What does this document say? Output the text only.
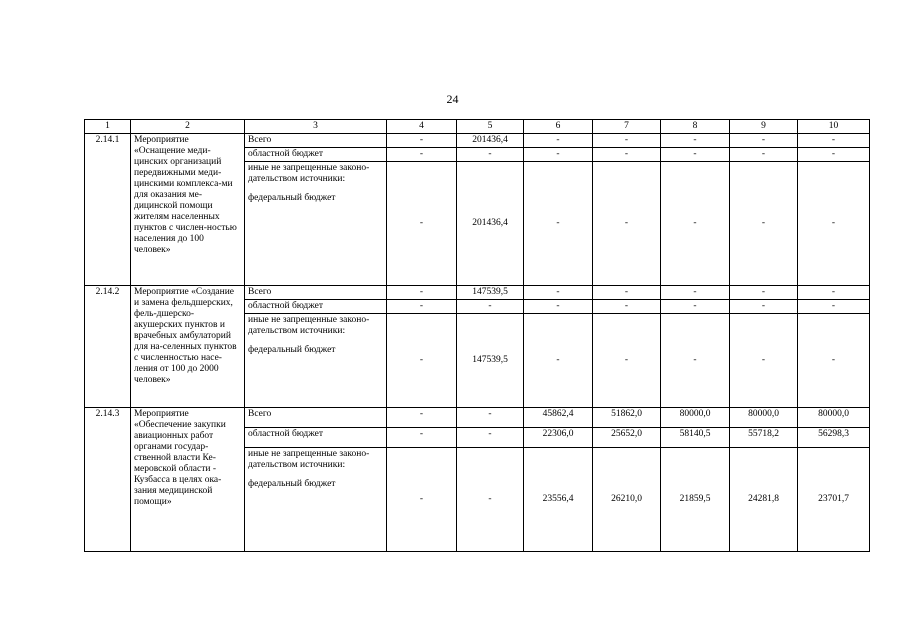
24
1	2	3	4	5	6	7	8	9	10
2.14.1	Мероприятие «Оснащение меди-цинских организаций передвижными меди-цинскими комплекса-ми для оказания ме-дицинской помощи жителям населенных пунктов с числен-ностью населения до 100 человек»	Всего	-	201436,4	-	-	-	-	-
		областной бюджет	-	-	-	-	-	-	-

		иные не запрещенные законо-дательством источники:
федеральный бюджет	-	201436,4	-	-	-	-	-
2.14.2	Мероприятие «Создание и замена фельдшерских, фель-дшерско-акушерских пунктов и врачебных амбулаторий для на-селенных пунктов с численностью насе-ления от 100 до 2000 человек»	Всего	-	147539,5	-	-	-	-	-
		областной бюджет	-	-	-	-	-	-	-

		иные не запрещенные законо-дательством источники:
федеральный бюджет	-	147539,5	-	-	-	-	-
2.14.3	Мероприятие «Обеспечение закупки авиационных работ органами государ-ственной власти Ке-меровской области - Кузбасса в целях ока-зания медицинской помощи»	Всего	-	-	45862,4	51862,0	80000,0	80000,0	80000,0
		областной бюджет	-	-	22306,0	25652,0	58140,5	55718,2	56298,3

		иные не запрещенные законо-дательством источники:
федеральный бюджет	-	-	23556,4	26210,0	21859,5	24281,8	23701,7
